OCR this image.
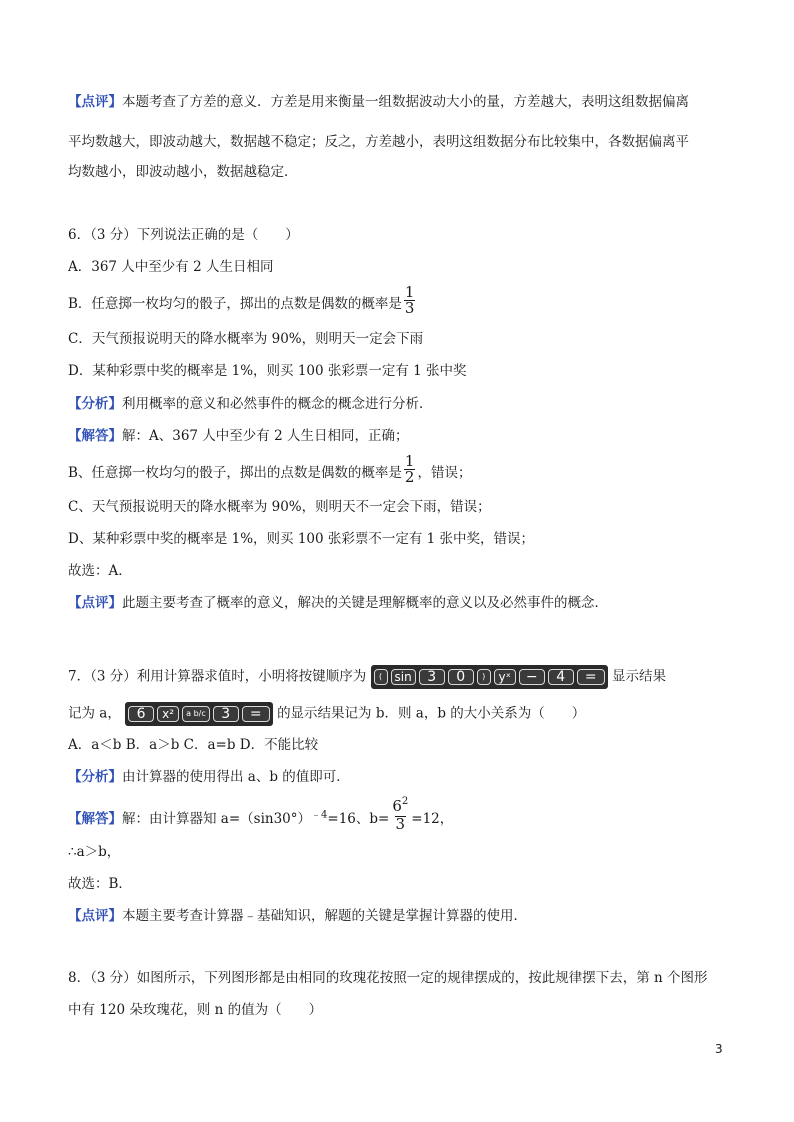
【点评】本题考查了方差的意义．方差是用来衡量一组数据波动大小的量，方差越大，表明这组数据偏离
平均数越大，即波动越大，数据越不稳定；反之，方差越小，表明这组数据分布比较集中，各数据偏离平
均数越小，即波动越小，数据越稳定．
6．（3 分）下列说法正确的是（　　）
A．367 人中至少有 2 人生日相同
B．任意掷一枚均匀的骰子，掷出的点数是偶数的概率是 $\frac{1}{3}$
C．天气预报说明天的降水概率为 90%，则明天一定会下雨
D．某种彩票中奖的概率是 1%，则买 100 张彩票一定有 1 张中奖
【分析】利用概率的意义和必然事件的概念的概念进行分析．
【解答】解：A、367 人中至少有 2 人生日相同，正确；
B、任意掷一枚均匀的骰子，掷出的点数是偶数的概率是 $\frac{1}{2}$ ，错误；
C、天气预报说明天的降水概率为 90%，则明天不一定会下雨，错误；
D、某种彩票中奖的概率是 1%，则买 100 张彩票不一定有 1 张中奖，错误；
故选：A．
【点评】此题主要考查了概率的意义，解决的关键是理解概率的意义以及必然事件的概念．
7．（3 分）利用计算器求值时，小明将按键顺序为	(	sin	3	0	)	yˣ	−	4	=	显示结果
记为 a，	6	x²	a b/c	3	=	的显示结果记为 b．则 a，b 的大小关系为（　　）
A．a＜b B．a＞b C．a=b D．不能比较
【分析】由计算器的使用得出 a、b 的值即可．
【解答】解：由计算器知 $a=(\sin 30^\circ)^{﹣4}=16$、$b= \frac{6^2}{3} =12$，
∴a＞b，
故选：B．
【点评】本题主要考查计算器﹣基础知识，解题的关键是掌握计算器的使用．
8．（3 分）如图所示，下列图形都是由相同的玫瑰花按照一定的规律摆成的，按此规律摆下去，第 n 个图形
中有 120 朵玫瑰花，则 n 的值为（　　）
3
